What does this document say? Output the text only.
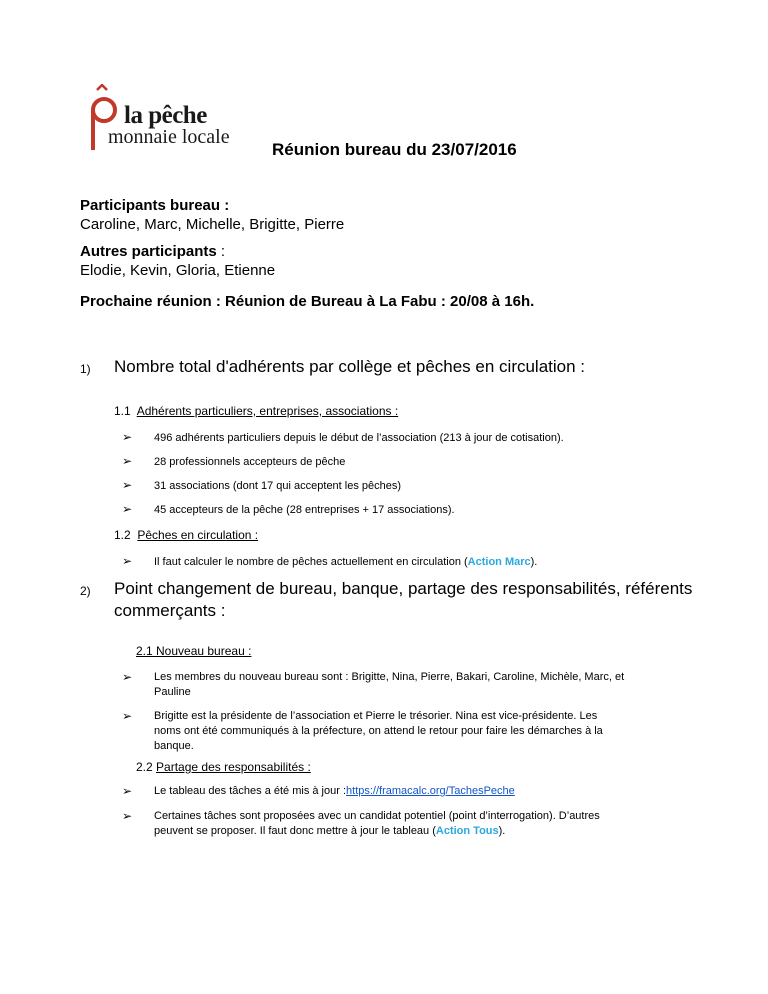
la pêche
monnaie locale
Réunion bureau du 23/07/2016
Participants bureau :
Caroline, Marc, Michelle, Brigitte, Pierre
Autres participants :
Elodie, Kevin, Gloria, Etienne
Prochaine réunion : Réunion de Bureau à La Fabu : 20/08 à 16h.
1) Nombre total d'adhérents par collège et pêches en circulation :
1.1 Adhérents particuliers, entreprises, associations :
➢ 496 adhérents particuliers depuis le début de l’association (213 à jour de cotisation).
➢ 28 professionnels accepteurs de pêche
➢ 31 associations (dont 17 qui acceptent les pêches)
➢ 45 accepteurs de la pêche (28 entreprises + 17 associations).
1.2 Pêches en circulation :
➢ Il faut calculer le nombre de pêches actuellement en circulation (Action Marc).
2) Point changement de bureau, banque, partage des responsabilités, référents
commerçants :
2.1 Nouveau bureau :
➢ Les membres du nouveau bureau sont : Brigitte, Nina, Pierre, Bakari, Caroline, Michèle, Marc, et
Pauline
➢ Brigitte est la présidente de l’association et Pierre le trésorier. Nina est vice-présidente. Les
noms ont été communiqués à la préfecture, on attend le retour pour faire les démarches à la
banque.
2.2 Partage des responsabilités :
➢ Le tableau des tâches a été mis à jour :https://framacalc.org/TachesPeche
➢ Certaines tâches sont proposées avec un candidat potentiel (point d’interrogation). D’autres
peuvent se proposer. Il faut donc mettre à jour le tableau (Action Tous).
